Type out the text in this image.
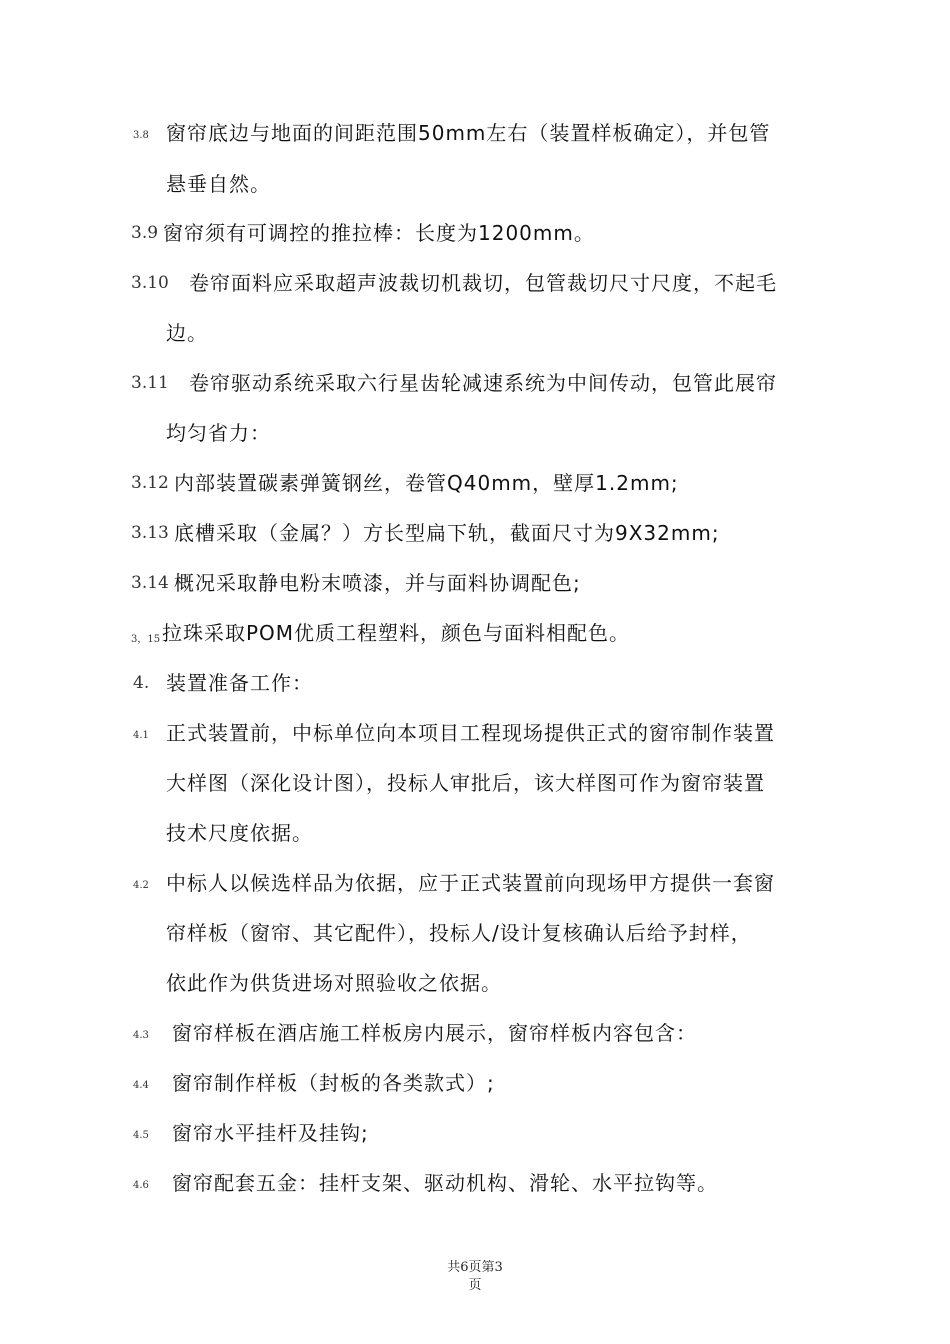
3.8 窗帘底边与地面的间距范围50mm左右（装置样板确定），并包管
悬垂自然。
3.9 窗帘须有可调控的推拉棒：长度为1200mm。
3.10 卷帘面料应采取超声波裁切机裁切，包管裁切尺寸尺度，不起毛
边。
3.11 卷帘驱动系统采取六行星齿轮减速系统为中间传动，包管此展帘
均匀省力：
3.12 内部装置碳素弹簧钢丝，卷管Q40mm，壁厚1.2mm;
3.13 底槽采取（金属？）方长型扁下轨，截面尺寸为9X32mm;
3.14 概况采取静电粉末喷漆，并与面料协调配色;
3，15 拉珠采取POM优质工程塑料，颜色与面料相配色。
4. 装置准备工作：
4.1 正式装置前，中标单位向本项目工程现场提供正式的窗帘制作装置
大样图（深化设计图），投标人审批后，该大样图可作为窗帘装置
技术尺度依据。
4.2 中标人以候选样品为依据，应于正式装置前向现场甲方提供一套窗
帘样板（窗帘、其它配件），投标人/设计复核确认后给予封样，
依此作为供货进场对照验收之依据。
4.3 窗帘样板在酒店施工样板房内展示，窗帘样板内容包含：
4.4 窗帘制作样板（封板的各类款式）;
4.5 窗帘水平挂杆及挂钩;
4.6 窗帘配套五金：挂杆支架、驱动机构、滑轮、水平拉钩等。
共6页第3
页
